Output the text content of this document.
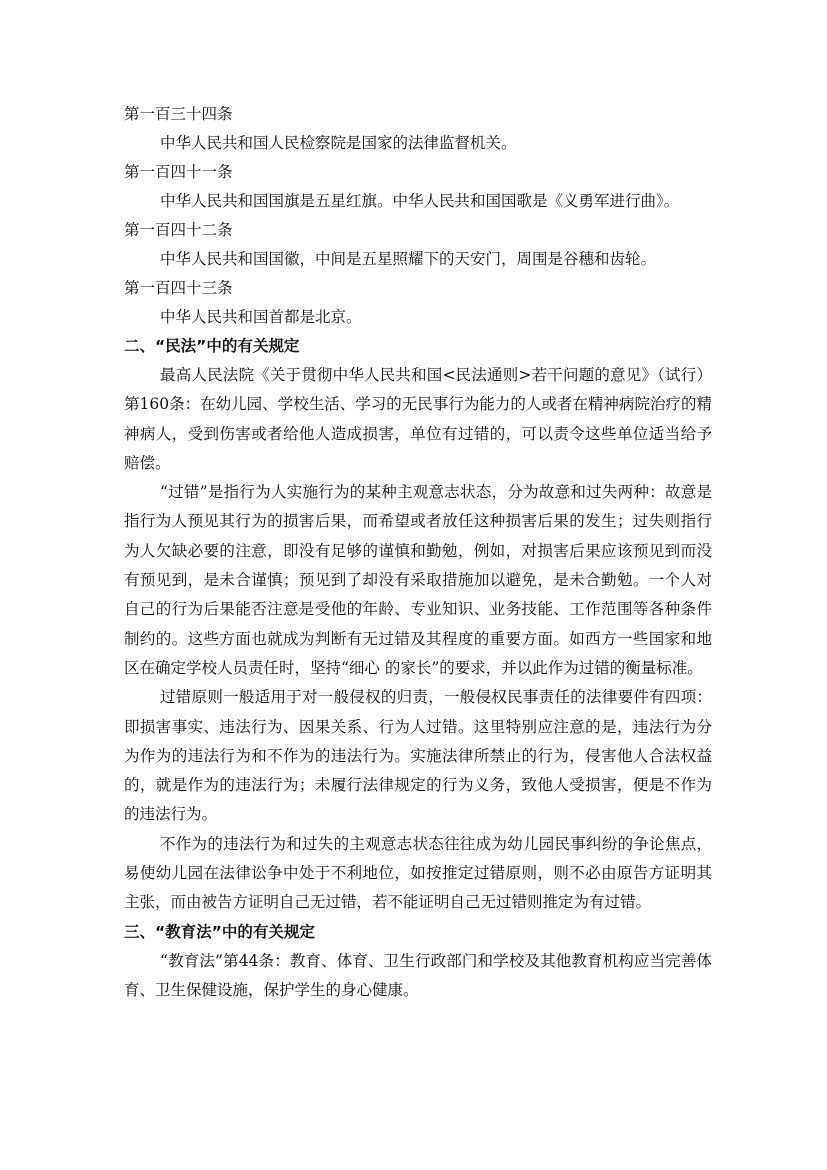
第一百三十四条
中华人民共和国人民检察院是国家的法律监督机关。
第一百四十一条
中华人民共和国国旗是五星红旗。中华人民共和国国歌是《义勇军进行曲》。
第一百四十二条
中华人民共和国国徽，中间是五星照耀下的天安门，周围是谷穗和齿轮。
第一百四十三条
中华人民共和国首都是北京。
二、“民法”中的有关规定

最高人民法院《关于贯彻中华人民共和国<民法通则>若干问题的意见》（试行）第160条：在幼儿园、学校生活、学习的无民事行为能力的人或者在精神病院治疗的精神病人，受到伤害或者给他人造成损害，单位有过错的，可以责令这些单位适当给予赔偿。

“过错”是指行为人实施行为的某种主观意志状态，分为故意和过失两种：故意是指行为人预见其行为的损害后果，而希望或者放任这种损害后果的发生；过失则指行为人欠缺必要的注意，即没有足够的谨慎和勤勉，例如，对损害后果应该预见到而没有预见到，是未合谨慎；预见到了却没有采取措施加以避免，是未合勤勉。一个人对自己的行为后果能否注意是受他的年龄、专业知识、业务技能、工作范围等各种条件制约的。这些方面也就成为判断有无过错及其程度的重要方面。如西方一些国家和地区在确定学校人员责任时，坚持“细心 的家长”的要求，并以此作为过错的衡量标准。

过错原则一般适用于对一般侵权的归责，一般侵权民事责任的法律要件有四项：即损害事实、违法行为、因果关系、行为人过错。这里特别应注意的是，违法行为分为作为的违法行为和不作为的违法行为。实施法律所禁止的行为，侵害他人合法权益的，就是作为的违法行为；未履行法律规定的行为义务，致他人受损害，便是不作为的违法行为。

不作为的违法行为和过失的主观意志状态往往成为幼儿园民事纠纷的争论焦点，易使幼儿园在法律讼争中处于不利地位，如按推定过错原则，则不必由原告方证明其主张，而由被告方证明自己无过错，若不能证明自己无过错则推定为有过错。

三、“教育法”中的有关规定

“教育法”第44条：教育、体育、卫生行政部门和学校及其他教育机构应当完善体育、卫生保健设施，保护学生的身心健康。
